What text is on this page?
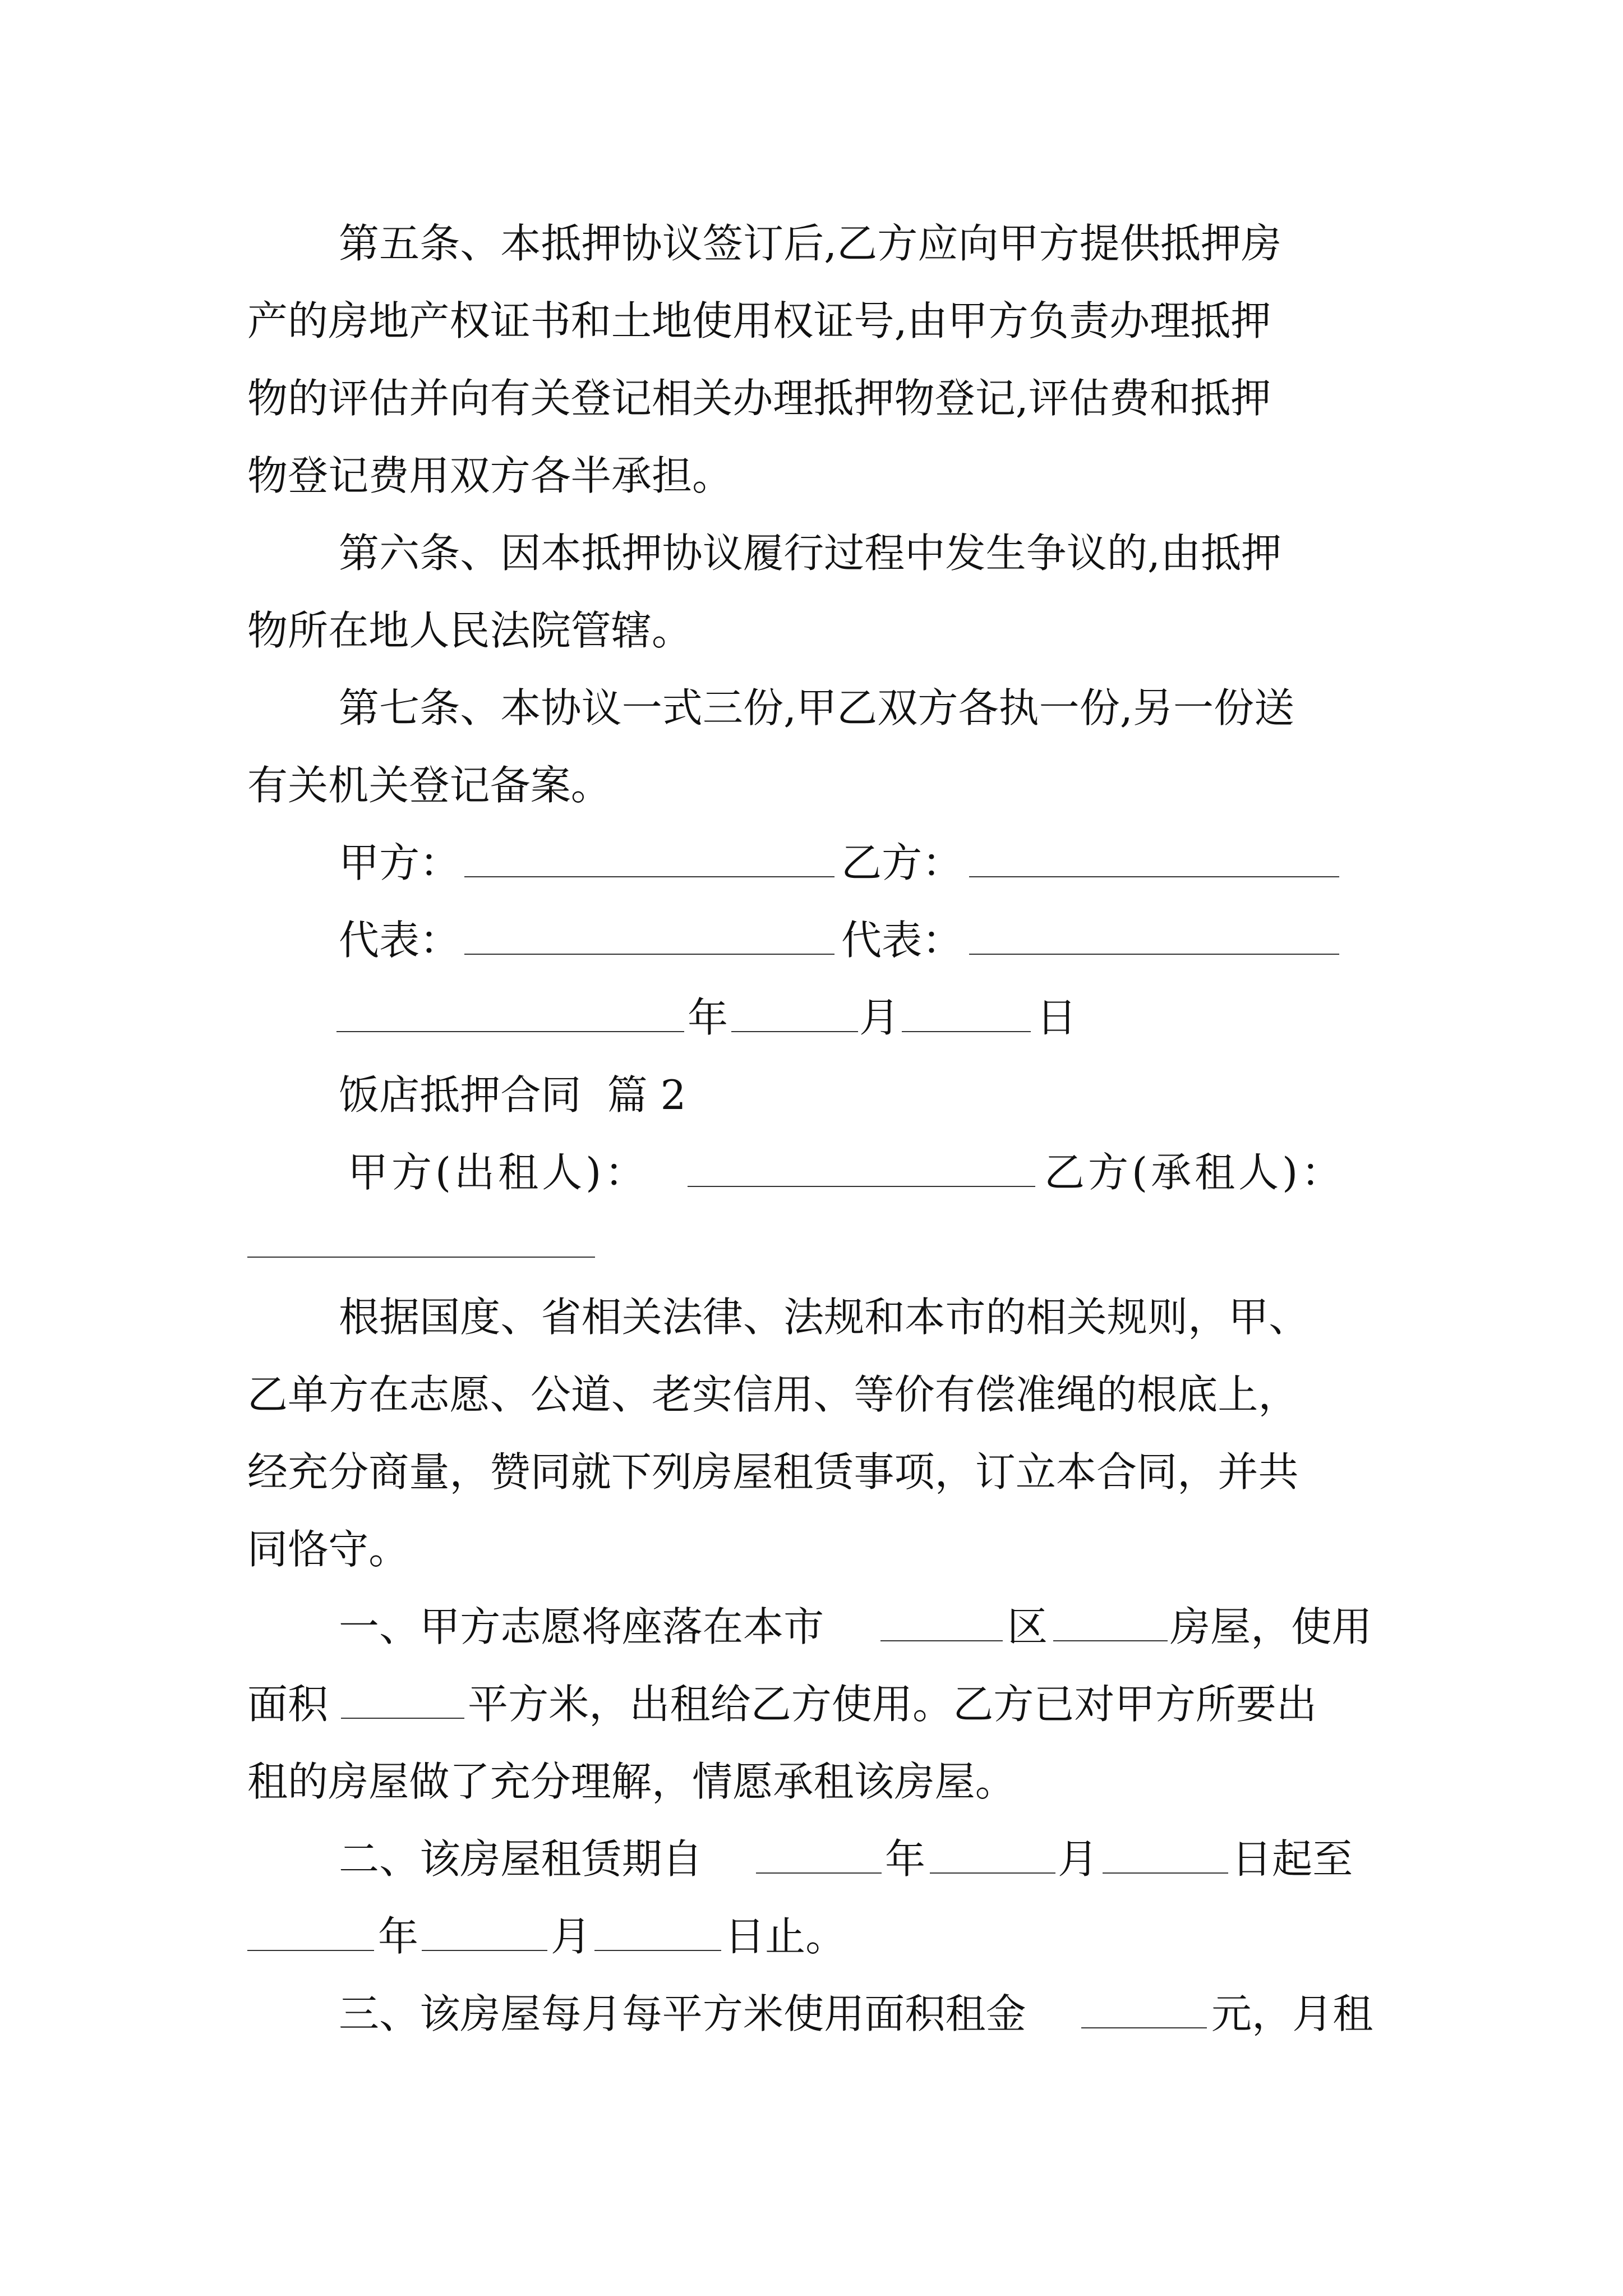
第五条、本抵押协议签订后,乙方应向甲方提供抵押房
产的房地产权证书和土地使用权证号,由甲方负责办理抵押
物的评估并向有关登记相关办理抵押物登记,评估费和抵押
物登记费用双方各半承担。
第六条、因本抵押协议履行过程中发生争议的,由抵押
物所在地人民法院管辖。
第七条、本协议一式三份,甲乙双方各执一份,另一份送
有关机关登记备案。
甲方：	乙方：
代表：	代表：
年	月	日
饭店抵押合同  篇 2
甲方(出租人)：	乙方(承租人)：
根据国度、省相关法律、法规和本市的相关规则，甲、
乙单方在志愿、公道、老实信用、等价有偿准绳的根底上，
经充分商量，赞同就下列房屋租赁事项，订立本合同，并共
同恪守。
一、甲方志愿将座落在本市	区	房屋，使用
面积	平方米，出租给乙方使用。乙方已对甲方所要出
租的房屋做了充分理解，情愿承租该房屋。
二、该房屋租赁期自	年	月	日起至
年	月	日止。
三、该房屋每月每平方米使用面积租金	元，月租
